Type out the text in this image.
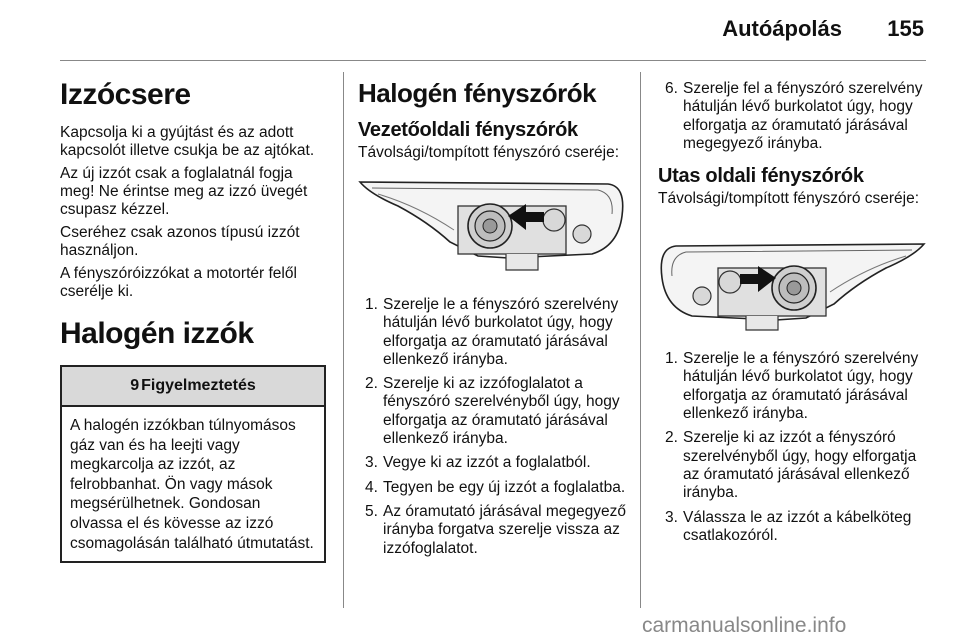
Autóápolás	155
Izzócsere

Kapcsolja ki a gyújtást és az adott kapcsolót illetve csukja be az ajtókat.

Az új izzót csak a foglalatnál fogja meg! Ne érintse meg az izzó üvegét csupasz kézzel.

Cseréhez csak azonos típusú izzót használjon.

A fényszóróizzókat a motortér felől cserélje ki.

Halogén izzók
9 Figyelmeztetés
A halogén izzókban túlnyomásos gáz van és ha leejti vagy megkarcolja az izzót, az felrobbanhat. Ön vagy mások megsérülhetnek. Gondosan olvassa el és kövesse az izzó csomagolásán található útmutatást.
Halogén fényszórók
Vezetőoldali fényszórók

Távolsági/tompított fényszóró cseréje:

1. Szerelje le a fényszóró szerelvény hátulján lévő burkolatot úgy, hogy elforgatja az óramutató járásával ellenkező irányba.
2. Szerelje ki az izzófoglalatot a fényszóró szerelvényből úgy, hogy elforgatja az óramutató járásával ellenkező irányba.
3. Vegye ki az izzót a foglalatból.
4. Tegyen be egy új izzót a foglalatba.
5. Az óramutató járásával megegyező irányba forgatva szerelje vissza az izzófoglalatot.
6. Szerelje fel a fényszóró szerelvény hátulján lévő burkolatot úgy, hogy elforgatja az óramutató járásával megegyező irányba.
Utas oldali fényszórók

Távolsági/tompított fényszóró cseréje:

1. Szerelje le a fényszóró szerelvény hátulján lévő burkolatot úgy, hogy elforgatja az óramutató járásával ellenkező irányba.
2. Szerelje ki az izzót a fényszóró szerelvényből úgy, hogy elforgatja az óramutató járásával ellenkező irányba.
3. Válassza le az izzót a kábelköteg csatlakozóról.
carmanualsonline.info
